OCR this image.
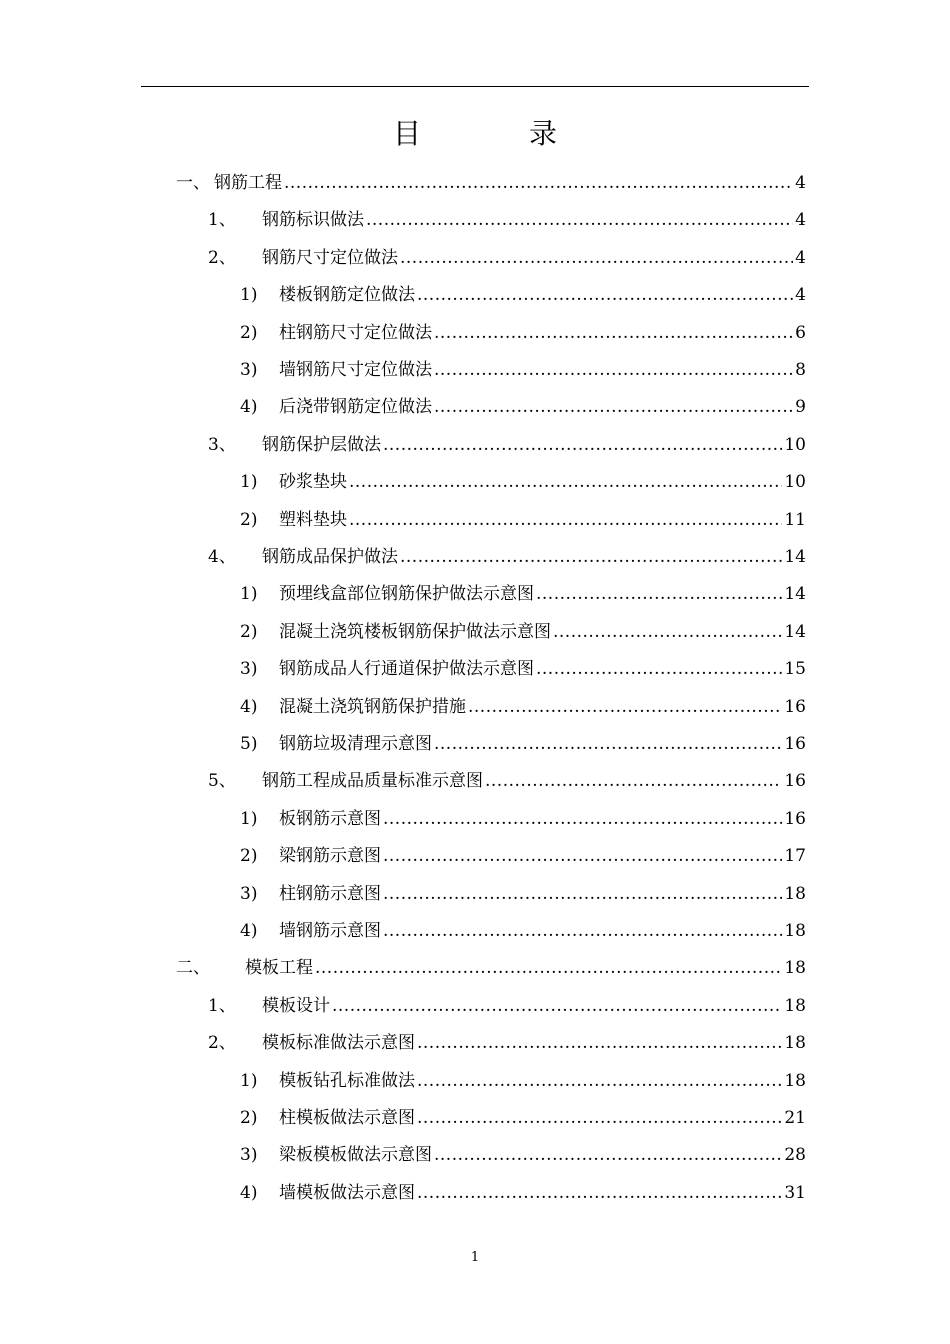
目　录
一、 钢筋工程 .....	4
1、 钢筋标识做法 .....	4
2、 钢筋尺寸定位做法 .....	4
1) 楼板钢筋定位做法 .....	4
2) 柱钢筋尺寸定位做法 .....	6
3) 墙钢筋尺寸定位做法 .....	8
4) 后浇带钢筋定位做法 .....	9
3、 钢筋保护层做法 .....	10
1) 砂浆垫块 .....	10
2) 塑料垫块 .....	11
4、 钢筋成品保护做法 .....	14
1) 预埋线盒部位钢筋保护做法示意图 .....	14
2) 混凝土浇筑楼板钢筋保护做法示意图 .....	14
3) 钢筋成品人行通道保护做法示意图 .....	15
4) 混凝土浇筑钢筋保护措施 .....	16
5) 钢筋垃圾清理示意图 .....	16
5、 钢筋工程成品质量标准示意图 .....	16
1) 板钢筋示意图 .....	16
2) 梁钢筋示意图 .....	17
3) 柱钢筋示意图 .....	18
4) 墙钢筋示意图 .....	18
二、 模板工程 .....	18
1、 模板设计 .....	18
2、 模板标准做法示意图 .....	18
1) 模板钻孔标准做法 .....	18
2) 柱模板做法示意图 .....	21
3) 梁板模板做法示意图 .....	28
4) 墙模板做法示意图 .....	31
1
